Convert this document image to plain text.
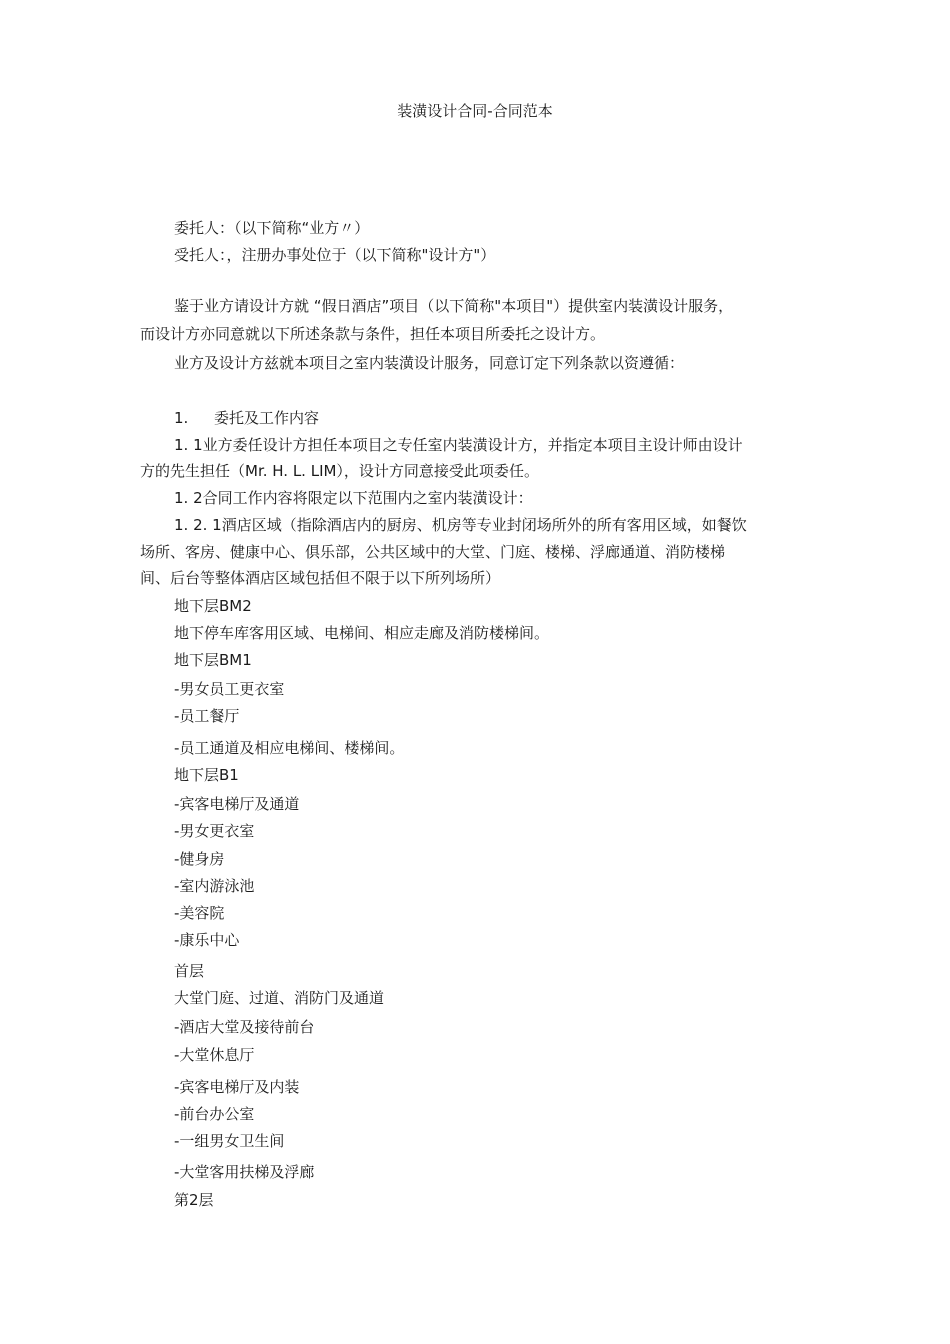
装潢设计合同-合同范本
委托人：（以下简称“业方〃）
受托人：，注册办事处位于（以下简称"设计方"）
鉴于业方请设计方就 “假日酒店”项目（以下简称"本项目"）提供室内装潢设计服务，
而设计方亦同意就以下所述条款与条件，担任本项目所委托之设计方。
业方及设计方兹就本项目之室内装潢设计服务，同意订定下列条款以资遵循：
1. 委托及工作内容
1. 1业方委任设计方担任本项目之专任室内装潢设计方，并指定本项目主设计师由设计
方的先生担任（Mr. H. L. LIM），设计方同意接受此项委任。
1. 2合同工作内容将限定以下范围内之室内装潢设计：
1. 2. 1酒店区域（指除酒店内的厨房、机房等专业封闭场所外的所有客用区域，如餐饮
场所、客房、健康中心、俱乐部，公共区域中的大堂、门庭、楼梯、浮廊通道、消防楼梯
间、后台等整体酒店区域包括但不限于以下所列场所）
地下层BM2
地下停车库客用区域、电梯间、相应走廊及消防楼梯间。
地下层BM1
-男女员工更衣室
-员工餐厅
-员工通道及相应电梯间、楼梯间。
地下层B1
-宾客电梯厅及通道
-男女更衣室
-健身房
-室内游泳池
-美容院
-康乐中心
首层
大堂门庭、过道、消防门及通道
-酒店大堂及接待前台
-大堂休息厅
-宾客电梯厅及内装
-前台办公室
-一组男女卫生间
-大堂客用扶梯及浮廊
第2层
